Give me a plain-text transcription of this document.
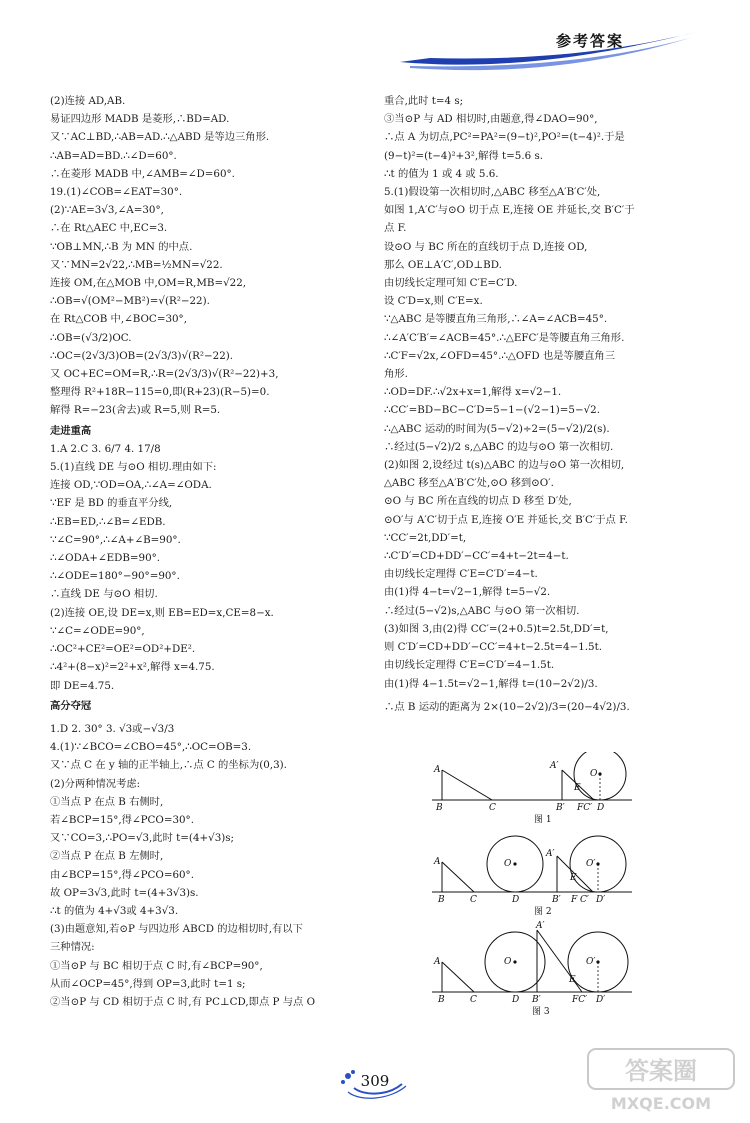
参考答案
(2)连接 AD,AB.
易证四边形 MADB 是菱形,∴BD=AD.
又∵AC⊥BD,∴AB=AD.∴△ABD 是等边三角形.
∴AB=AD=BD.∴∠D=60°.
∴在菱形 MADB 中,∠AMB=∠D=60°.
19.(1)∠COB=∠EAT=30°.
(2)∵AE=3√3,∠A=30°,
∴在 Rt△AEC 中,EC=3.
∵OB⊥MN,∴B 为 MN 的中点.
又∵MN=2√22,∴MB=½MN=√22.
连接 OM,在△MOB 中,OM=R,MB=√22,
∴OB=√(OM²−MB²)=√(R²−22).
在 Rt△COB 中,∠BOC=30°,
∴OB=(√3/2)OC.
∴OC=(2√3/3)OB=(2√3/3)√(R²−22).
又 OC+EC=OM=R,∴R=(2√3/3)√(R²−22)+3,
整理得 R²+18R−115=0,即(R+23)(R−5)=0.
解得 R=−23(舍去)或 R=5,则 R=5.
走进重高
1.A 2.C 3. 6/7 4. 17/8
5.(1)直线 DE 与⊙O 相切.理由如下:
连接 OD,∵OD=OA,∴∠A=∠ODA.
∵EF 是 BD 的垂直平分线,
∴EB=ED,∴∠B=∠EDB.
∵∠C=90°,∴∠A+∠B=90°.
∴∠ODA+∠EDB=90°.
∴∠ODE=180°−90°=90°.
∴直线 DE 与⊙O 相切.
(2)连接 OE,设 DE=x,则 EB=ED=x,CE=8−x.
∵∠C=∠ODE=90°,
∴OC²+CE²=OE²=OD²+DE².
∴4²+(8−x)²=2²+x²,解得 x=4.75.
即 DE=4.75.
高分夺冠
1.D 2. 30° 3. √3或−√3/3
4.(1)∵∠BCO=∠CBO=45°,∴OC=OB=3.
又∵点 C 在 y 轴的正半轴上,∴点 C 的坐标为(0,3).
(2)分两种情况考虑:
①当点 P 在点 B 右侧时,
若∠BCP=15°,得∠PCO=30°.
又∵CO=3,∴PO=√3,此时 t=(4+√3)s;
②当点 P 在点 B 左侧时,
由∠BCP=15°,得∠PCO=60°.
故 OP=3√3,此时 t=(4+3√3)s.
∴t 的值为 4+√3或 4+3√3.
(3)由题意知,若⊙P 与四边形 ABCD 的边相切时,有以下
三种情况:
①当⊙P 与 BC 相切于点 C 时,有∠BCP=90°,
从而∠OCP=45°,得到 OP=3,此时 t=1 s;
②当⊙P 与 CD 相切于点 C 时,有 PC⊥CD,即点 P 与点 O
重合,此时 t=4 s;
③当⊙P 与 AD 相切时,由题意,得∠DAO=90°,
∴点 A 为切点,PC²=PA²=(9−t)²,PO²=(t−4)².于是
(9−t)²=(t−4)²+3²,解得 t=5.6 s.
∴t 的值为 1 或 4 或 5.6.
5.(1)假设第一次相切时,△ABC 移至△A′B′C′处,
如图 1,A′C′与⊙O 切于点 E,连接 OE 并延长,交 B′C′于
点 F.
设⊙O 与 BC 所在的直线切于点 D,连接 OD,
那么 OE⊥A′C′,OD⊥BD.
由切线长定理可知 C′E=C′D.
设 C′D=x,则 C′E=x.
∵△ABC 是等腰直角三角形,∴∠A=∠ACB=45°.
∴∠A′C′B′=∠ACB=45°.∴△EFC′是等腰直角三角形.
∴C′F=√2x,∠OFD=45°.∴△OFD 也是等腰直角三
角形.
∴OD=DF.∴√2x+x=1,解得 x=√2−1.
∴CC′=BD−BC−C′D=5−1−(√2−1)=5−√2.
∴△ABC 运动的时间为(5−√2)÷2=(5−√2)/2(s).
∴经过(5−√2)/2 s,△ABC 的边与⊙O 第一次相切.
(2)如图 2,设经过 t(s)△ABC 的边与⊙O 第一次相切,
△ABC 移至△A′B′C′处,⊙O 移到⊙O′.
⊙O 与 BC 所在直线的切点 D 移至 D′处,
⊙O′与 A′C′切于点 E,连接 O′E 并延长,交 B′C′于点 F.
∵CC′=2t,DD′=t,
∴C′D′=CD+DD′−CC′=4+t−2t=4−t.
由切线长定理得 C′E=C′D′=4−t.
由(1)得 4−t=√2−1,解得 t=5−√2.
∴经过(5−√2)s,△ABC 与⊙O 第一次相切.
(3)如图 3,由(2)得 CC′=(2+0.5)t=2.5t,DD′=t,
则 C′D′=CD+DD′−CC′=4+t−2.5t=4−1.5t.
由切线长定理得 C′E=C′D′=4−1.5t.
由(1)得 4−1.5t=√2−1,解得 t=(10−2√2)/3.
∴点 B 运动的距离为 2×(10−2√2)/3=(20−4√2)/3.
A
B	C
A′
O
E
B′ FC′ D
图 1
A
B	C	D
O
A′
O′
E
B′ F C′ D′
图 2
A
B	C	D B′
O
A′
O′
E
FC′ D′
图 3
309	答案圈
MXQE.COM
